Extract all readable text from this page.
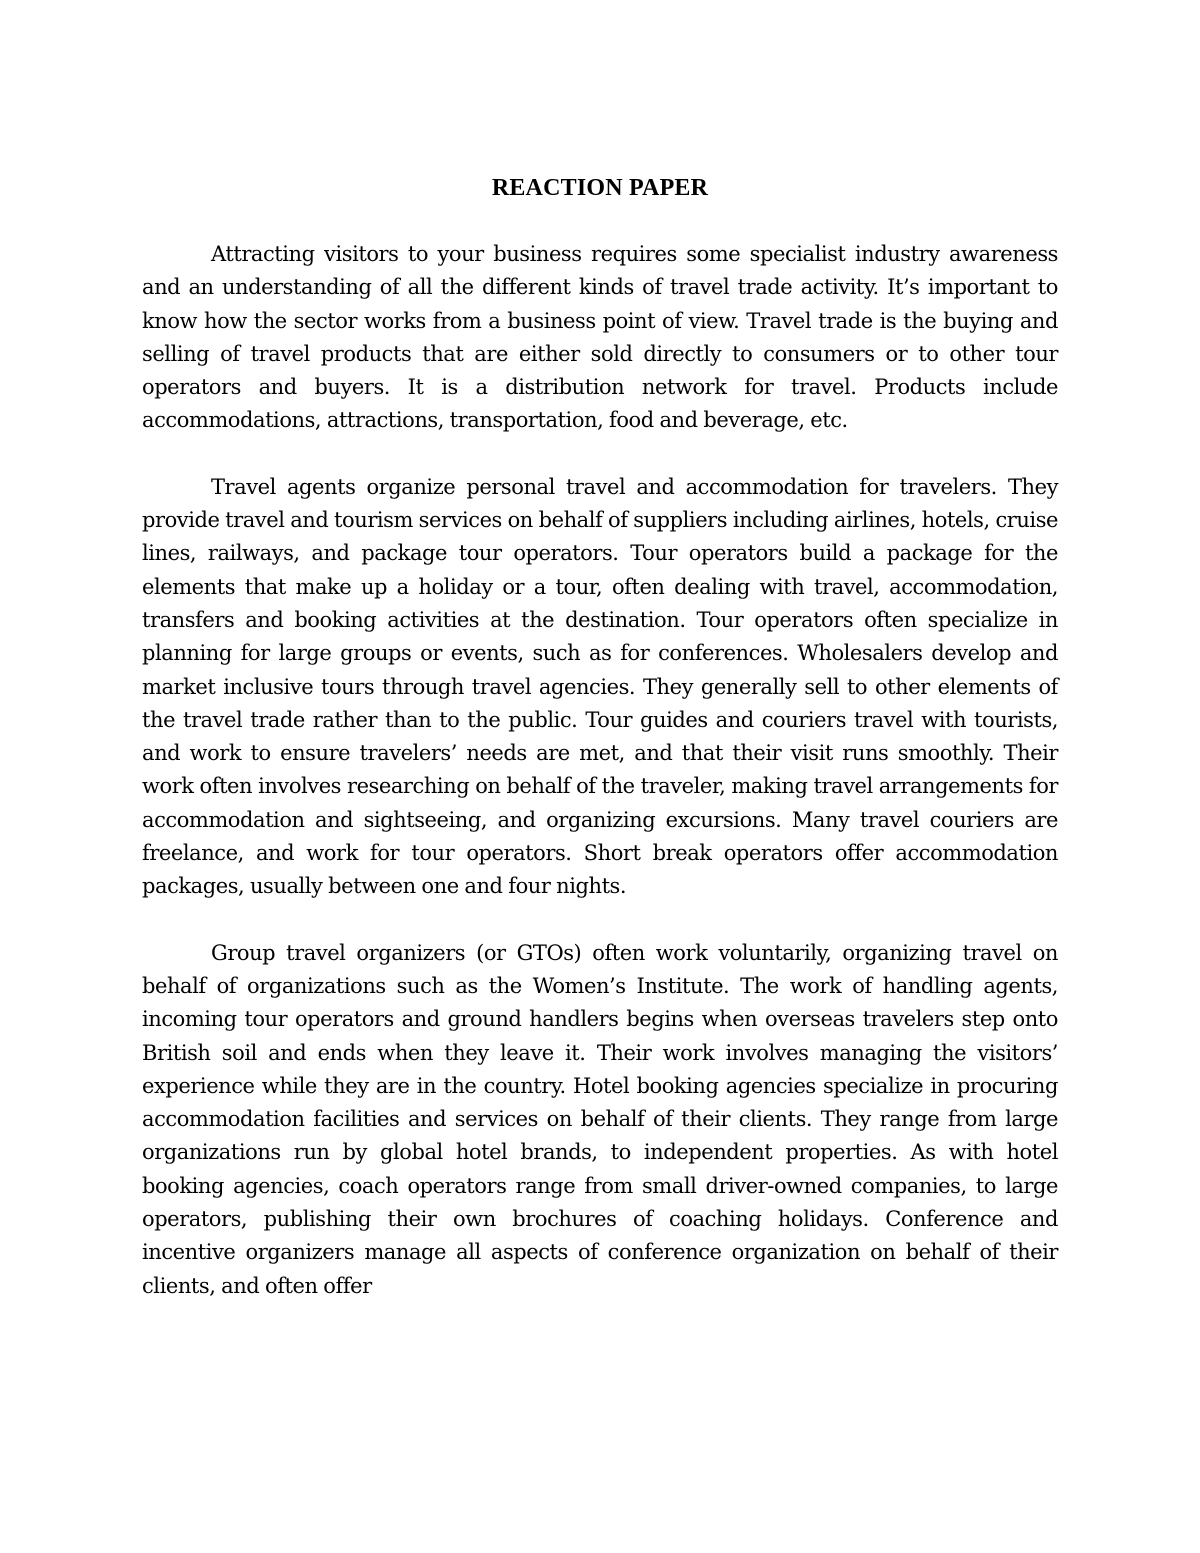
REACTION PAPER

Attracting visitors to your business requires some specialist industry awareness and an understanding of all the different kinds of travel trade activity. It’s important to know how the sector works from a business point of view. Travel trade is the buying and selling of travel products that are either sold directly to consumers or to other tour operators and buyers. It is a distribution network for travel. Products include accommodations, attractions, transportation, food and beverage, etc.

Travel agents organize personal travel and accommodation for travelers. They provide travel and tourism services on behalf of suppliers including airlines, hotels, cruise lines, railways, and package tour operators. Tour operators build a package for the elements that make up a holiday or a tour, often dealing with travel, accommodation, transfers and booking activities at the destination. Tour operators often specialize in planning for large groups or events, such as for conferences. Wholesalers develop and market inclusive tours through travel agencies. They generally sell to other elements of the travel trade rather than to the public. Tour guides and couriers travel with tourists, and work to ensure travelers’ needs are met, and that their visit runs smoothly. Their work often involves researching on behalf of the traveler, making travel arrangements for accommodation and sightseeing, and organizing excursions. Many travel couriers are freelance, and work for tour operators. Short break operators offer accommodation packages, usually between one and four nights.

Group travel organizers (or GTOs) often work voluntarily, organizing travel on behalf of organizations such as the Women’s Institute. The work of handling agents, incoming tour operators and ground handlers begins when overseas travelers step onto British soil and ends when they leave it. Their work involves managing the visitors’ experience while they are in the country. Hotel booking agencies specialize in procuring accommodation facilities and services on behalf of their clients. They range from large organizations run by global hotel brands, to independent properties. As with hotel booking agencies, coach operators range from small driver-owned companies, to large operators, publishing their own brochures of coaching holidays. Conference and incentive organizers manage all aspects of conference organization on behalf of their clients, and often offer
